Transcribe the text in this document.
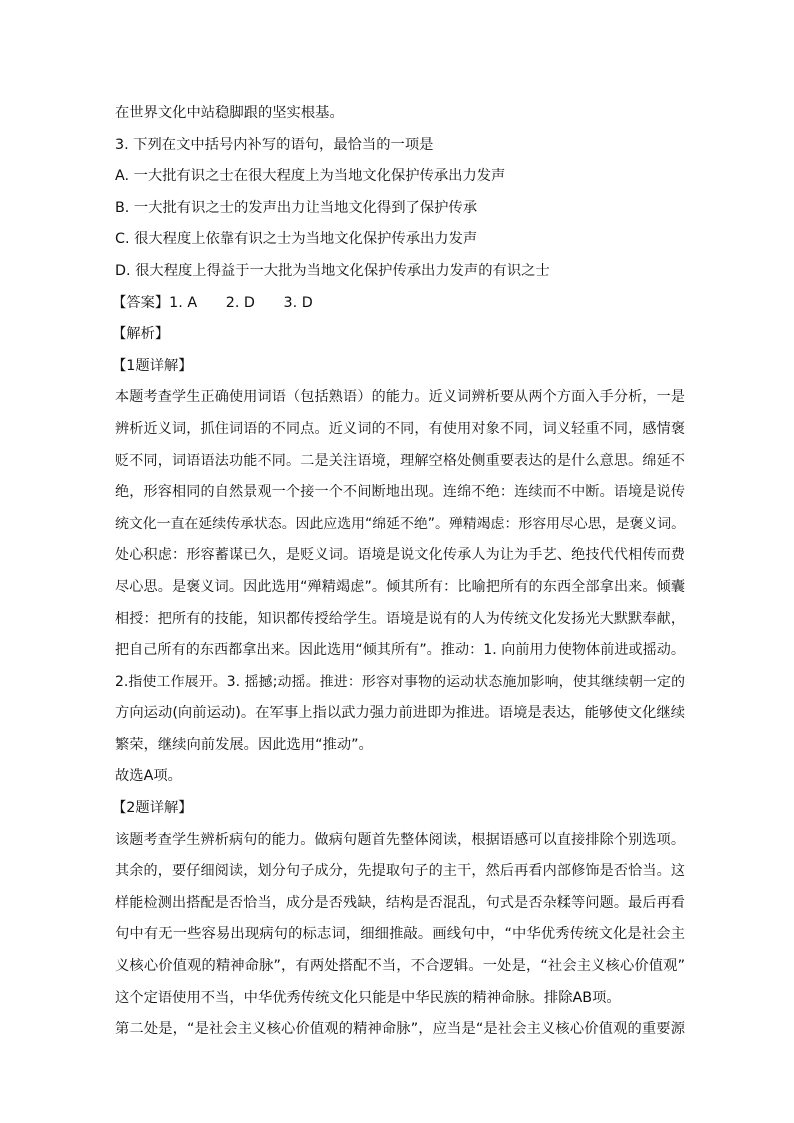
在世界文化中站稳脚跟的坚实根基。
3. 下列在文中括号内补写的语句，最恰当的一项是
A. 一大批有识之士在很大程度上为当地文化保护传承出力发声
B. 一大批有识之士的发声出力让当地文化得到了保护传承
C. 很大程度上依靠有识之士为当地文化保护传承出力发声
D. 很大程度上得益于一大批为当地文化保护传承出力发声的有识之士
【答案】1. A　　2. D　　3. D
【解析】
【1题详解】
本题考查学生正确使用词语（包括熟语）的能力。近义词辨析要从两个方面入手分析，一是
辨析近义词，抓住词语的不同点。近义词的不同，有使用对象不同，词义轻重不同，感情褒
贬不同，词语语法功能不同。二是关注语境，理解空格处侧重要表达的是什么意思。绵延不
绝，形容相同的自然景观一个接一个不间断地出现。连绵不绝：连续而不中断。语境是说传
统文化一直在延续传承状态。因此应选用“绵延不绝”。殚精竭虑：形容用尽心思，是褒义词。
处心积虑：形容蓄谋已久，是贬义词。语境是说文化传承人为让为手艺、绝技代代相传而费
尽心思。是褒义词。因此选用“殚精竭虑”。倾其所有：比喻把所有的东西全部拿出来。倾囊
相授：把所有的技能，知识都传授给学生。语境是说有的人为传统文化发扬光大默默奉献，
把自己所有的东西都拿出来。因此选用“倾其所有”。推动：1. 向前用力使物体前进或摇动。
2.指使工作展开。3. 摇撼;动摇。推进：形容对事物的运动状态施加影响，使其继续朝一定的
方向运动(向前运动)。在军事上指以武力强力前进即为推进。语境是表达，能够使文化继续
繁荣，继续向前发展。因此选用“推动”。
故选A项。
【2题详解】
该题考查学生辨析病句的能力。做病句题首先整体阅读，根据语感可以直接排除个别选项。
其余的，要仔细阅读，划分句子成分，先提取句子的主干，然后再看内部修饰是否恰当。这
样能检测出搭配是否恰当，成分是否残缺，结构是否混乱，句式是否杂糅等问题。最后再看
句中有无一些容易出现病句的标志词，细细推敲。画线句中，“中华优秀传统文化是社会主
义核心价值观的精神命脉”，有两处搭配不当，不合逻辑。一处是，“社会主义核心价值观”
这个定语使用不当，中华优秀传统文化只能是中华民族的精神命脉。排除AB项。
第二处是，“是社会主义核心价值观的精神命脉”，应当是“是社会主义核心价值观的重要源
